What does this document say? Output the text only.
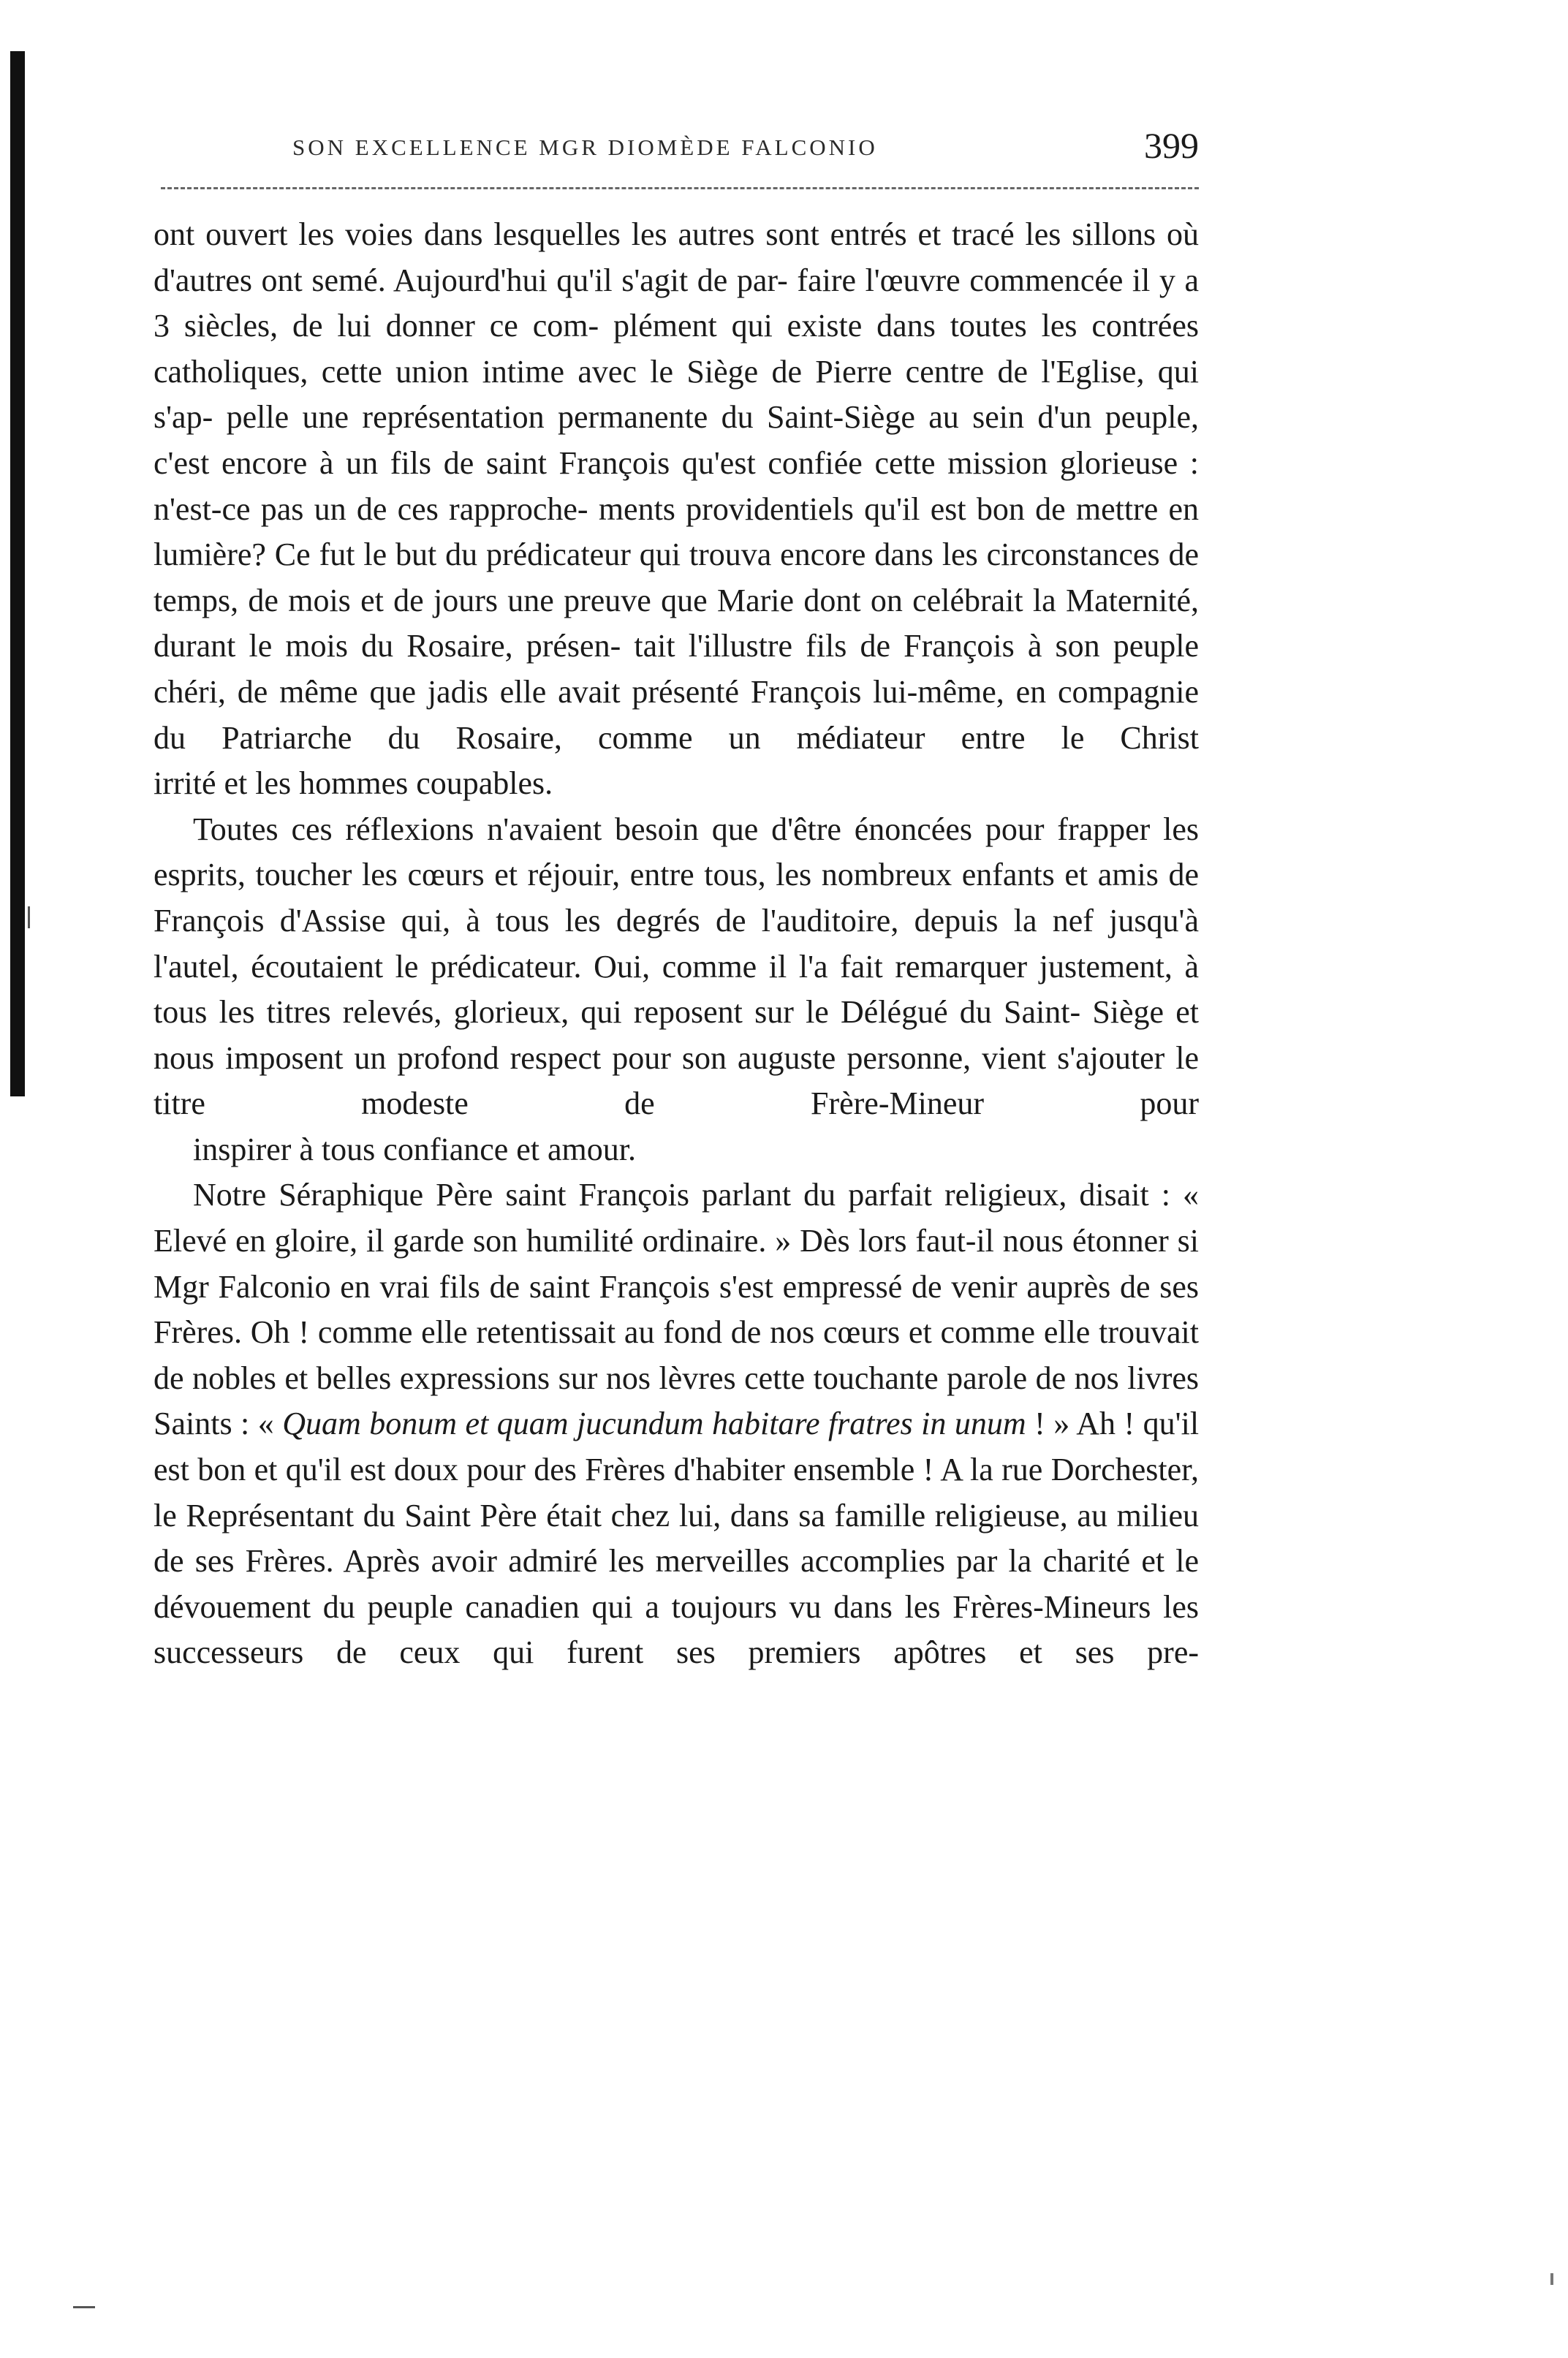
SON EXCELLENCE MGR DIOMÈDE FALCONIO	399

ont ouvert les voies dans lesquelles les autres sont entrés et tracé les sillons où d'autres ont semé. Aujourd'hui qu'il s'agit de par- faire l'œuvre commencée il y a 3 siècles, de lui donner ce com- plément qui existe dans toutes les contrées catholiques, cette union intime avec le Siège de Pierre centre de l'Eglise, qui s'ap- pelle une représentation permanente du Saint-Siège au sein d'un peuple, c'est encore à un fils de saint François qu'est confiée cette mission glorieuse : n'est-ce pas un de ces rapproche- ments providentiels qu'il est bon de mettre en lumière? Ce fut le but du prédicateur qui trouva encore dans les circonstances de temps, de mois et de jours une preuve que Marie dont on celébrait la Maternité, durant le mois du Rosaire, présen- tait l'illustre fils de François à son peuple chéri, de même que jadis elle avait présenté François lui-même, en compagnie du Patriarche du Rosaire, comme un médiateur entre le Christ
irrité et les hommes coupables.

Toutes ces réflexions n'avaient besoin que d'être énoncées pour frapper les esprits, toucher les cœurs et réjouir, entre tous, les nombreux enfants et amis de François d'Assise qui, à tous les degrés de l'auditoire, depuis la nef jusqu'à l'autel, écoutaient le prédicateur. Oui, comme il l'a fait remarquer justement, à tous les titres relevés, glorieux, qui reposent sur le Délégué du Saint- Siège et nous imposent un profond respect pour son auguste personne, vient s'ajouter le titre modeste de Frère-Mineur pour
inspirer à tous confiance et amour.

Notre Séraphique Père saint François parlant du parfait religieux, disait : « Elevé en gloire, il garde son humilité ordinaire. » Dès lors faut-il nous étonner si Mgr Falconio en vrai fils de saint François s'est empressé de venir auprès de ses Frères. Oh ! comme elle retentissait au fond de nos cœurs et comme elle trouvait de nobles et belles expressions sur nos lèvres cette touchante parole de nos livres Saints : « Quam bonum et quam jucundum habitare fratres in unum ! » Ah ! qu'il est bon et qu'il est doux pour des Frères d'habiter ensemble ! A la rue Dorchester, le Représentant du Saint Père était chez lui, dans sa famille religieuse, au milieu de ses Frères. Après avoir admiré les merveilles accomplies par la charité et le dévouement du peuple canadien qui a toujours vu dans les Frères-Mineurs les successeurs de ceux qui furent ses premiers apôtres et ses pre-
